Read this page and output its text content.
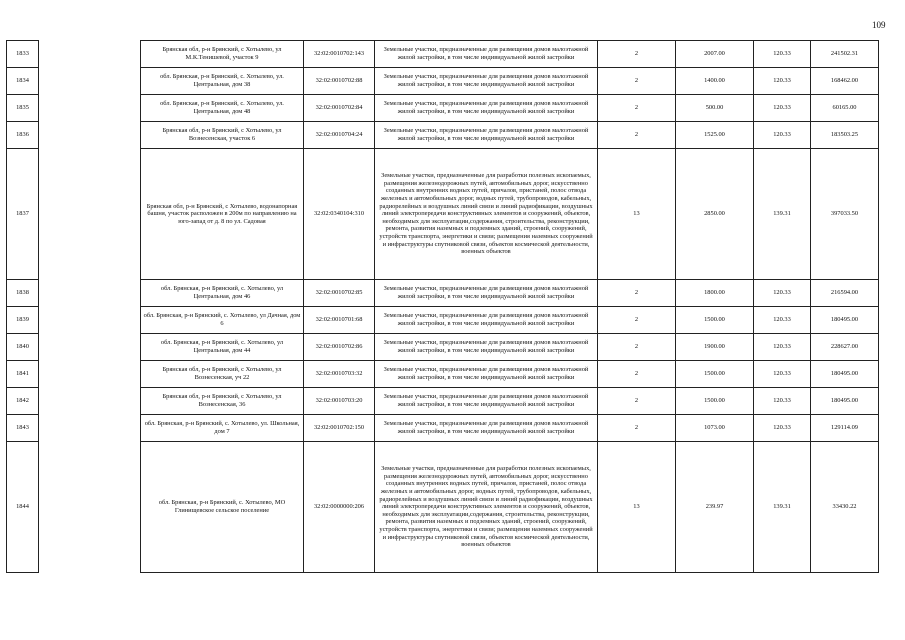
109
1833		Брянская обл, р-н Брянский, с Хотылево, ул М.К.Тенишевой, участок 9	32:02:0010702:143	Земельные участки, предназначенные для размещения домов малоэтажной жилой застройки, в том числе индивидуальной жилой застройки	2	2007.00	120.33	241502.31
1834		обл. Брянская, р-н Брянский, с. Хотылево, ул. Центральная, дом 38	32:02:0010702:88	Земельные участки, предназначенные для размещения домов малоэтажной жилой застройки, в том числе индивидуальной жилой застройки	2	1400.00	120.33	168462.00
1835		обл. Брянская, р-н Брянский, с. Хотылево, ул. Центральная, дом 48	32:02:0010702:84	Земельные участки, предназначенные для размещения домов малоэтажной жилой застройки, в том числе индивидуальной жилой застройки	2	500.00	120.33	60165.00
1836		Брянская обл, р-н Брянский, с Хотылево, ул Вознесенская, участок 6	32:02:0010704:24	Земельные участки, предназначенные для размещения домов малоэтажной жилой застройки, в том числе индивидуальной жилой застройки	2	1525.00	120.33	183503.25
1837		Брянская обл, р-н Брянский, с Хотылево, водонапорная башня, участок расположен в 200м по направлению на юго-запад от д. 8 по ул. Садовая	32:02:0340104:310	Земельные участки, предназначенные для разработки полезных ископаемых, размещения железнодорожных путей, автомобильных дорог, искусственно созданных внутренних водных путей, причалов, пристаней, полос отвода железных и автомобильных дорог, водных путей, трубопроводов, кабельных, радиорелейных и воздушных линий связи и линий радиофикации, воздушных линий электропередачи конструктивных элементов и сооружений, объектов, необходимых для эксплуатации,содержания, строительства, реконструкции, ремонта, развития наземных и подземных зданий, строений, сооружений, устройств транспорта, энергетики и связи; размещения наземных сооружений и инфраструктуры спутниковой связи, объектов космической деятельности, военных объектов	13	2850.00	139.31	397033.50
1838		обл. Брянская, р-н Брянский, с. Хотылево, ул Центральная, дом 46	32:02:0010702:85	Земельные участки, предназначенные для размещения домов малоэтажной жилой застройки, в том числе индивидуальной жилой застройки	2	1800.00	120.33	216594.00
1839		обл. Брянская, р-н Брянский, с. Хотылево, ул Дачная, дом 6	32:02:0010701:68	Земельные участки, предназначенные для размещения домов малоэтажной жилой застройки, в том числе индивидуальной жилой застройки	2	1500.00	120.33	180495.00
1840		обл. Брянская, р-н Брянский, с. Хотылево, ул Центральная, дом 44	32:02:0010702:86	Земельные участки, предназначенные для размещения домов малоэтажной жилой застройки, в том числе индивидуальной жилой застройки	2	1900.00	120.33	228627.00
1841		Брянская обл, р-н Брянский, с Хотылево, ул Вознесенская, уч 22	32:02:0010703:32	Земельные участки, предназначенные для размещения домов малоэтажной жилой застройки, в том числе индивидуальной жилой застройки	2	1500.00	120.33	180495.00
1842		Брянская обл, р-н Брянский, с Хотылево, ул Вознесенская, 36	32:02:0010703:20	Земельные участки, предназначенные для размещения домов малоэтажной жилой застройки, в том числе индивидуальной жилой застройки	2	1500.00	120.33	180495.00
1843		обл. Брянская, р-н Брянский, с. Хотылево, ул. Школьная, дом 7	32:02:0010702:150	Земельные участки, предназначенные для размещения домов малоэтажной жилой застройки, в том числе индивидуальной жилой застройки	2	1073.00	120.33	129114.09
1844		обл. Брянская, р-н Брянский, с. Хотылево, МО Глинищевское сельское поселение	32:02:0000000:206	Земельные участки, предназначенные для разработки полезных ископаемых, размещения железнодорожных путей, автомобильных дорог, искусственно созданных внутренних водных путей, причалов, пристаней, полос отвода железных и автомобильных дорог, водных путей, трубопроводов, кабельных, радиорелейных и воздушных линий связи и линий радиофикации, воздушных линий электропередачи конструктивных элементов и сооружений, объектов, необходимых для эксплуатации,содержания, строительства, реконструкции, ремонта, развития наземных и подземных зданий, строений, сооружений, устройств транспорта, энергетики и связи; размещения наземных сооружений и инфраструктуры спутниковой связи, объектов космической деятельности, военных объектов	13	239.97	139.31	33430.22
